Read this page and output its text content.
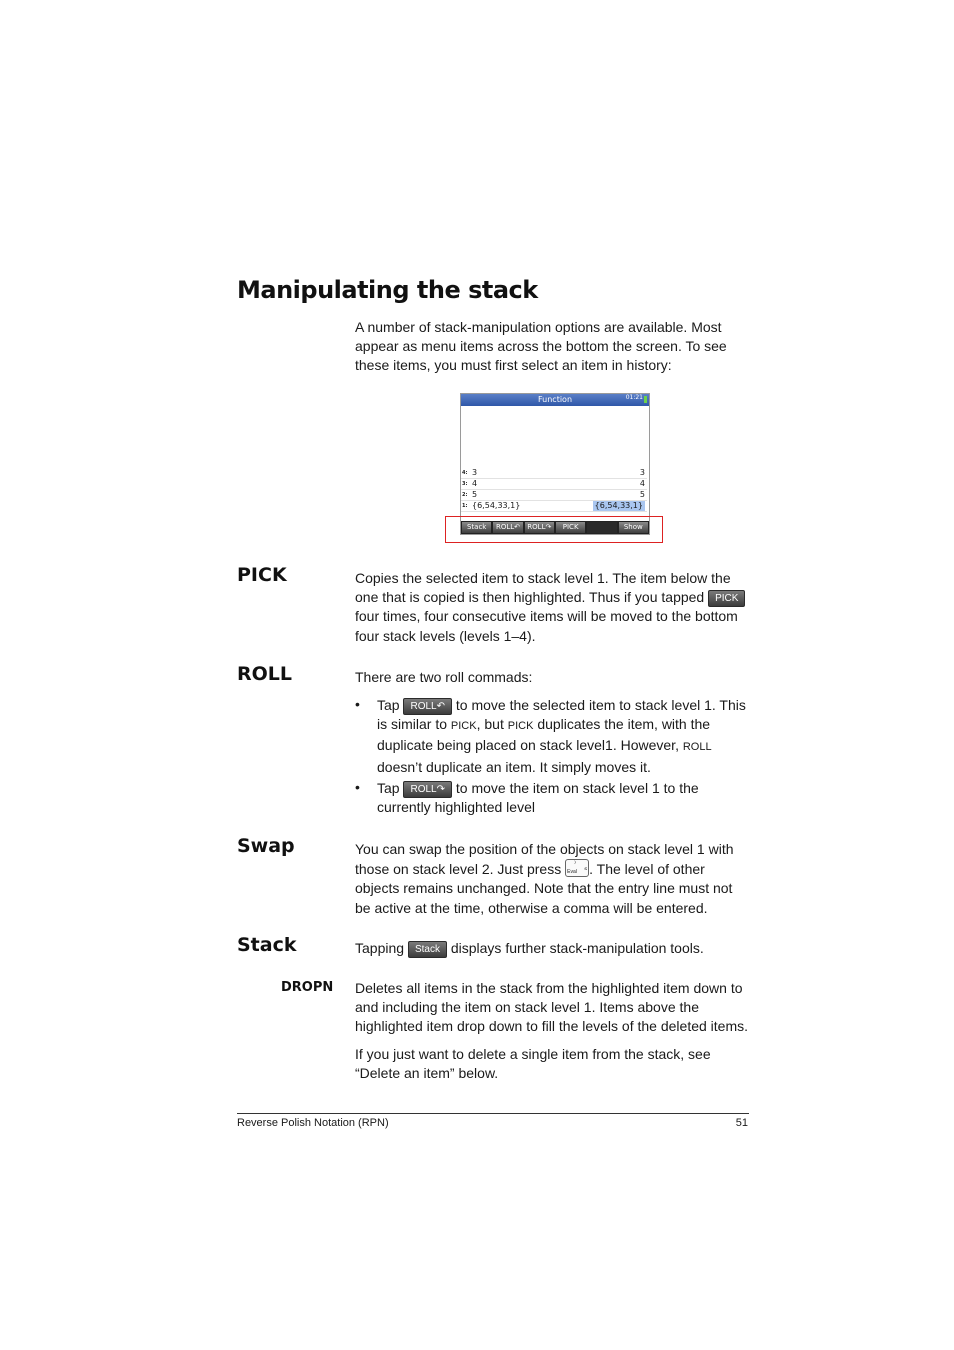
Manipulating the stack
A number of stack-manipulation options are available. Most appear as menu items across the bottom the screen. To see these items, you must first select an item in history:
Function	01:21
4: 3	3
3: 4	4
2: 5	5
1: {6,54,33,1}	{6,54,33,1}
Stack	ROLL↶	ROLL↷	PICK	Show
PICK	Copies the selected item to stack level 1. The item below the one that is copied is then highlighted. Thus if you tapped PICK four times, four consecutive items will be moved to the bottom four stack levels (levels 1–4).
ROLL	There are two roll commads:
• Tap ROLL↶ to move the selected item to stack level 1. This is similar to PICK, but PICK duplicates the item, with the duplicate being placed on stack level1. However, ROLL doesn’t duplicate an item. It simply moves it.
• Tap ROLL↷ to move the item on stack level 1 to the currently highlighted level
Swap	You can swap the position of the objects on stack level 1 with those on stack level 2. Just press ⁾
Eval ≤ . The level of other objects remains unchanged. Note that the entry line must not be active at the time, otherwise a comma will be entered.
Stack	Tapping Stack displays further stack-manipulation tools.
DROPN Deletes all items in the stack from the highlighted item down to and including the item on stack level 1. Items above the highlighted item drop down to fill the levels of the deleted items.
If you just want to delete a single item from the stack, see “Delete an item” below.
Reverse Polish Notation (RPN)	51
